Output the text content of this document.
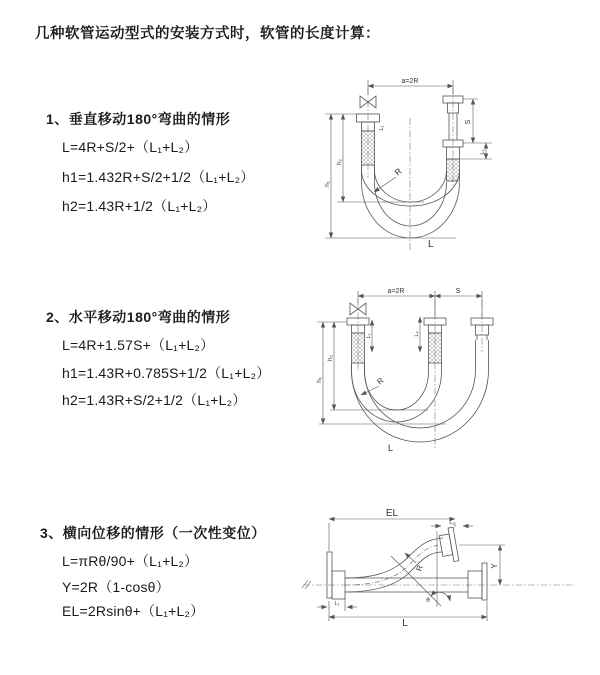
几种软管运动型式的安装方式时，软管的长度计算：
1、垂直移动180°弯曲的情形
L=4R+S/2+（L₁+L₂）
h1=1.432R+S/2+1/2（L₁+L₂）
h2=1.43R+1/2（L₁+L₂）
2、水平移动180°弯曲的情形
L=4R+1.57S+（L₁+L₂）
h1=1.43R+0.785S+1/2（L₁+L₂）
h2=1.43R+S/2+1/2（L₁+L₂）
3、横向位移的情形（一次性变位）
L=πRθ/90+（L₁+L₂）
Y=2R（1-cosθ）
EL=2Rsinθ+（L₁+L₂）
a=2R
S
L₂
L₁
h₁
h₂
R
L
a=2R	S
L₁	L₂
h₁
h₂
R
L
EL
L₂
Y
R
θ
L
L₁
